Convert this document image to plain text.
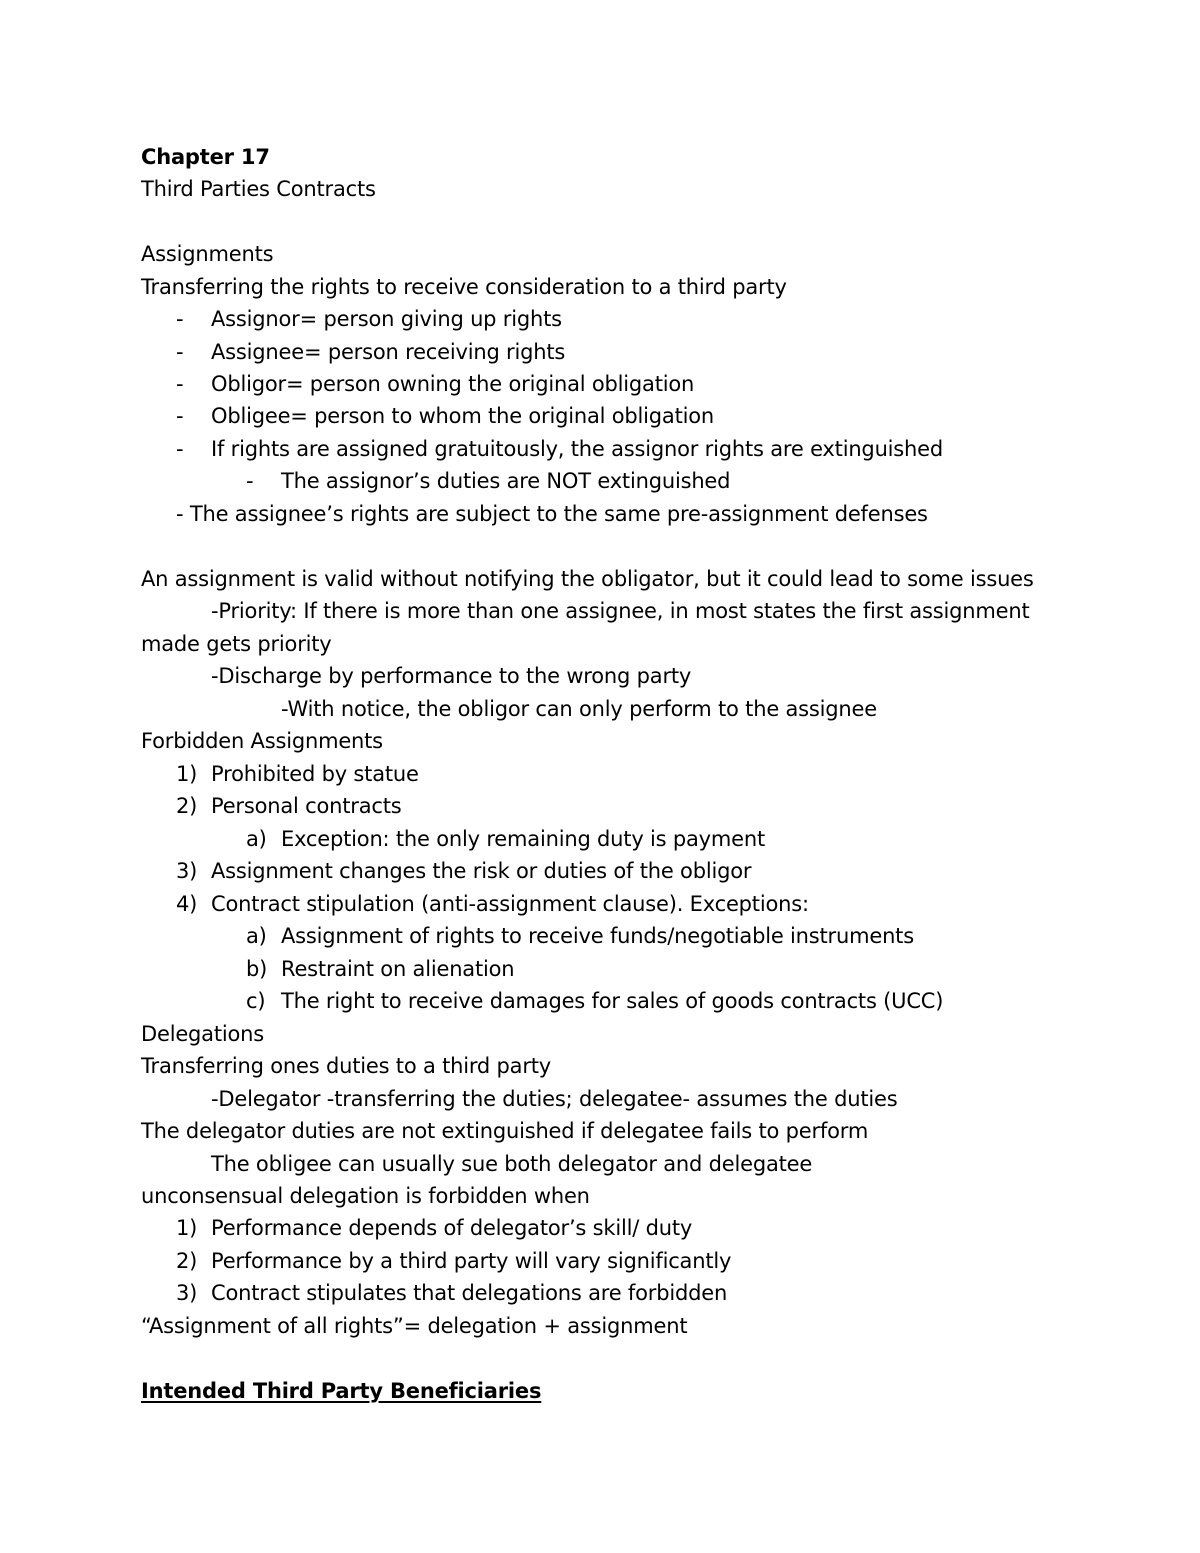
Chapter 17
Third Parties Contracts
Assignments
Transferring the rights to receive consideration to a third party
- Assignor= person giving up rights
- Assignee= person receiving rights
- Obligor= person owning the original obligation
- Obligee= person to whom the original obligation
- If rights are assigned gratuitously, the assignor rights are extinguished
- The assignor’s duties are NOT extinguished
- The assignee’s rights are subject to the same pre-assignment defenses
An assignment is valid without notifying the obligator, but it could lead to some issues
-Priority: If there is more than one assignee, in most states the first assignment
made gets priority
-Discharge by performance to the wrong party
-With notice, the obligor can only perform to the assignee
Forbidden Assignments
1) Prohibited by statue
2) Personal contracts
a) Exception: the only remaining duty is payment
3) Assignment changes the risk or duties of the obligor
4) Contract stipulation (anti-assignment clause). Exceptions:
a) Assignment of rights to receive funds/negotiable instruments
b) Restraint on alienation
c) The right to receive damages for sales of goods contracts (UCC)
Delegations
Transferring ones duties to a third party
-Delegator -transferring the duties; delegatee- assumes the duties
The delegator duties are not extinguished if delegatee fails to perform
The obligee can usually sue both delegator and delegatee
unconsensual delegation is forbidden when
1) Performance depends of delegator’s skill/ duty
2) Performance by a third party will vary significantly
3) Contract stipulates that delegations are forbidden
“Assignment of all rights”= delegation + assignment
Intended Third Party Beneficiaries
